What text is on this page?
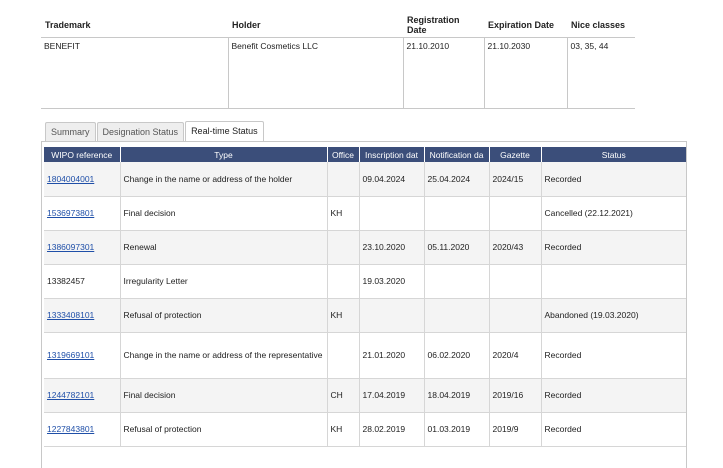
Trademark	Holder	Registration Date	Expiration Date	Nice classes
BENEFIT	Benefit Cosmetics LLC	21.10.2010	21.10.2030	03, 35, 44
Summary	Designation Status	Real-time Status
WIPO reference	Type	Office	Inscription dat	Notification da	Gazette	Status
1804004001	Change in the name or address of the holder		09.04.2024	25.04.2024	2024/15	Recorded
1536973801	Final decision	KH				Cancelled (22.12.2021)
1386097301	Renewal		23.10.2020	05.11.2020	2020/43	Recorded
13382457	Irregularity Letter		19.03.2020			
1333408101	Refusal of protection	KH				Abandoned (19.03.2020)
1319669101	Change in the name or address of the representative		21.01.2020	06.02.2020	2020/4	Recorded
1244782101	Final decision	CH	17.04.2019	18.04.2019	2019/16	Recorded
1227843801	Refusal of protection	KH	28.02.2019	01.03.2019	2019/9	Recorded
